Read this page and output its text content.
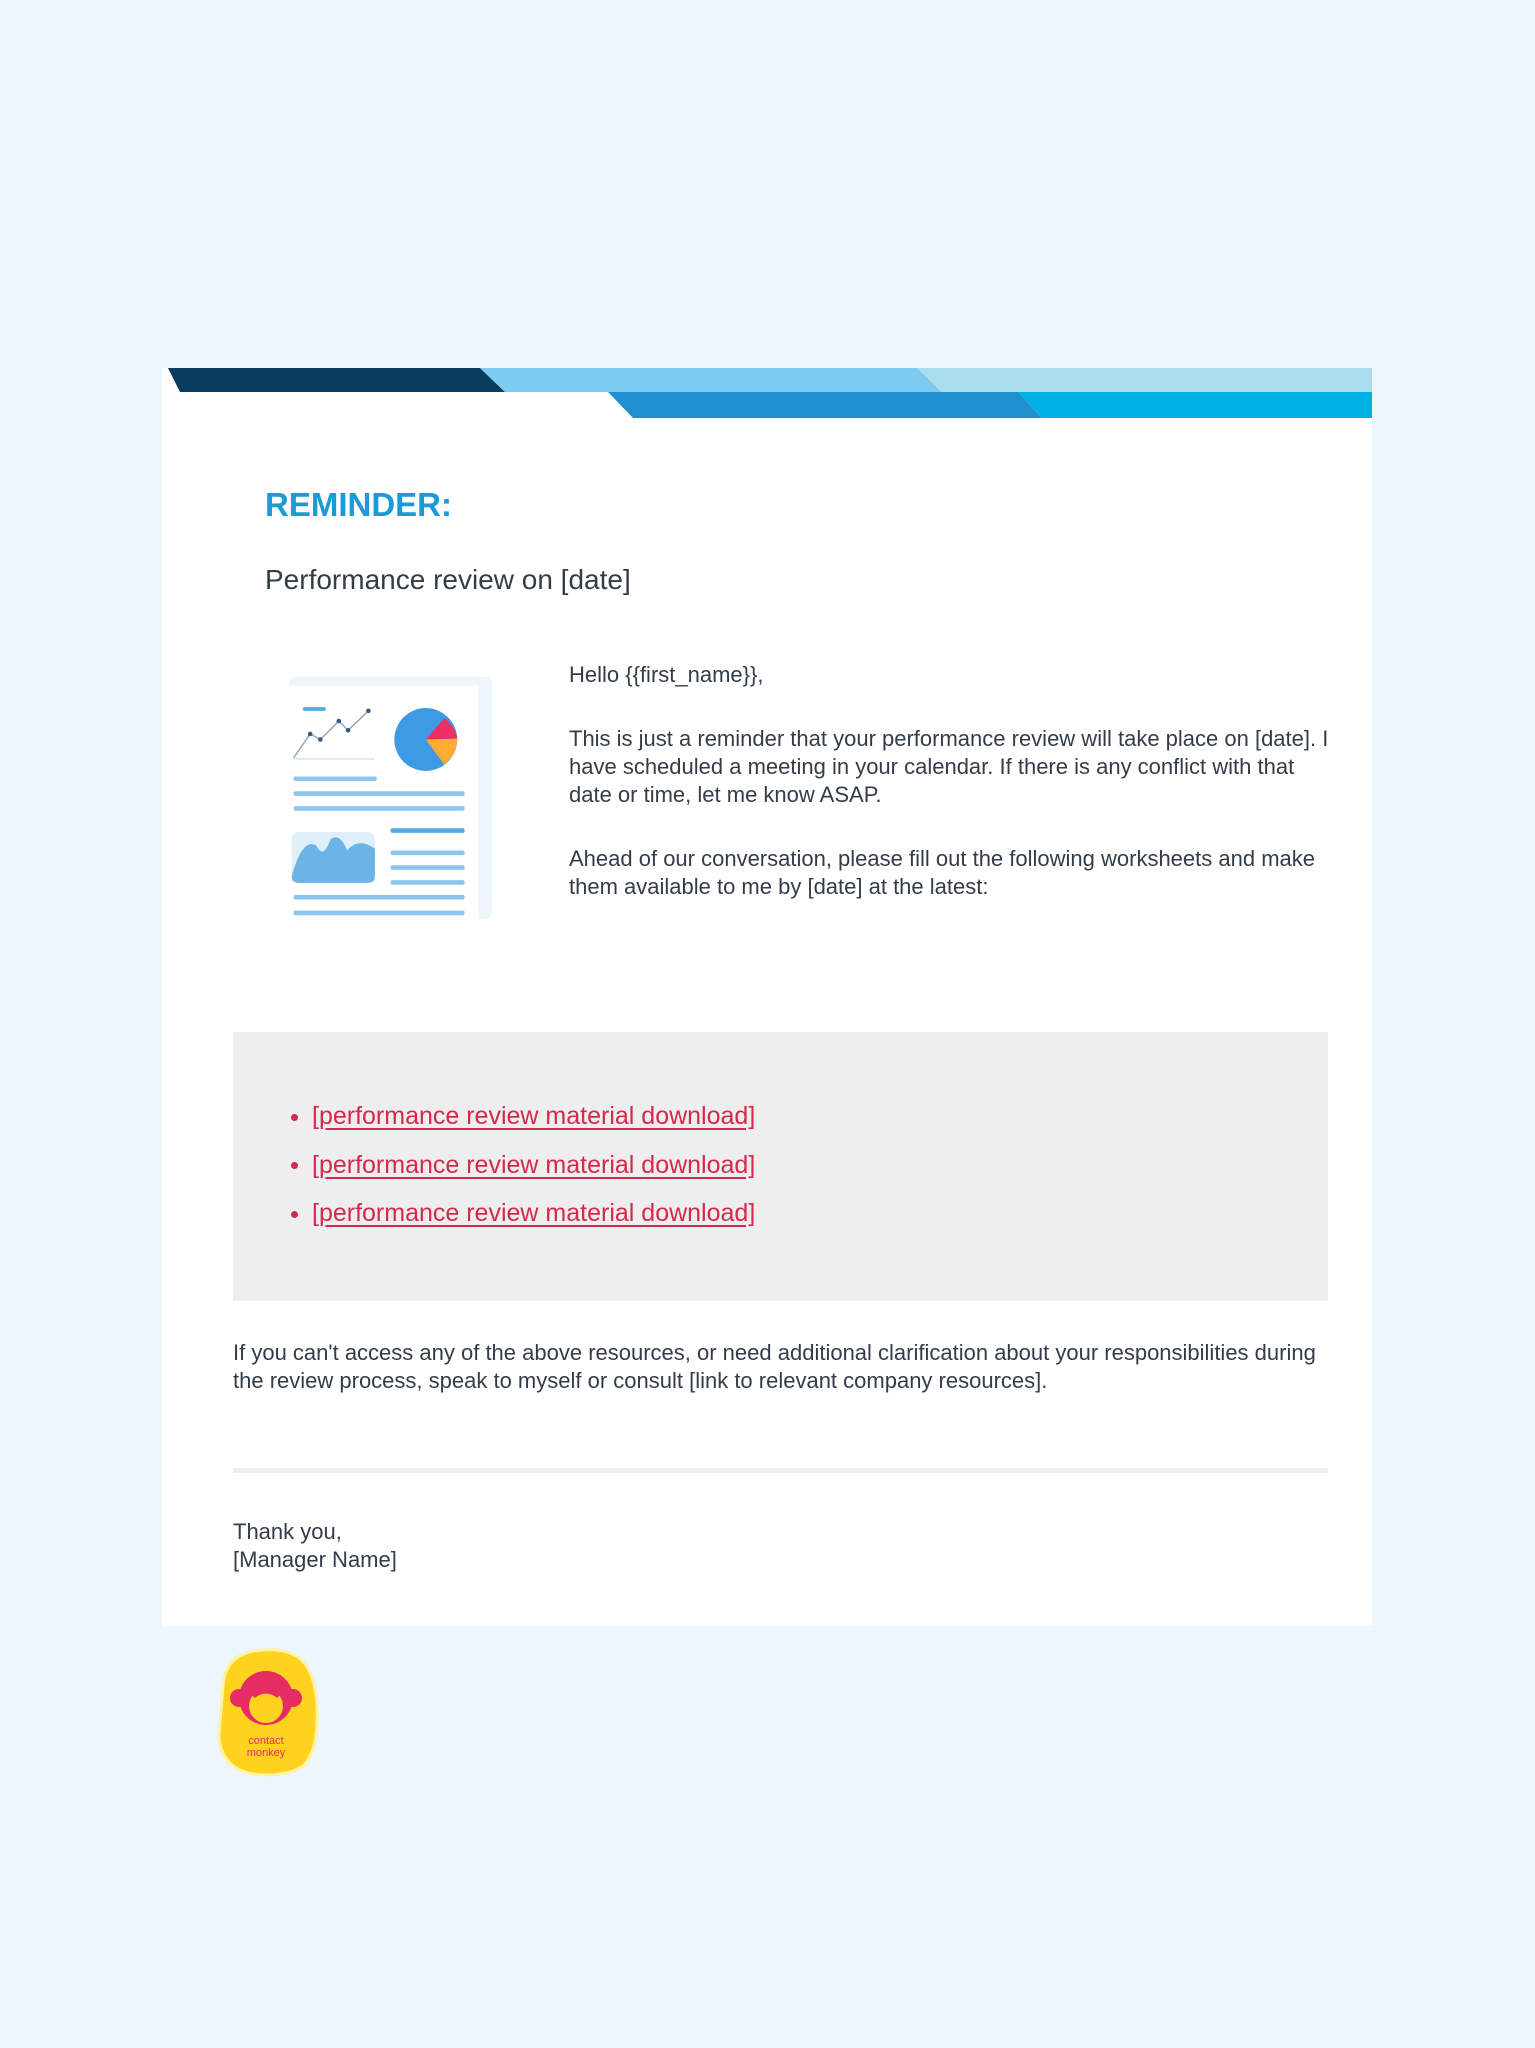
REMINDER:
Performance review on [date]

Hello {{first_name}},

This is just a reminder that your performance review will take place on [date]. I have scheduled a meeting in your calendar. If there is any conflict with that date or time, let me know ASAP.

Ahead of our conversation, please fill out the following worksheets and make them available to me by [date] at the latest:

[performance review material download]
[performance review material download]
[performance review material download]
If you can't access any of the above resources, or need additional clarification about your responsibilities during the review process, speak to myself or consult [link to relevant company resources].
Thank you,
[Manager Name]
contact
monkey
